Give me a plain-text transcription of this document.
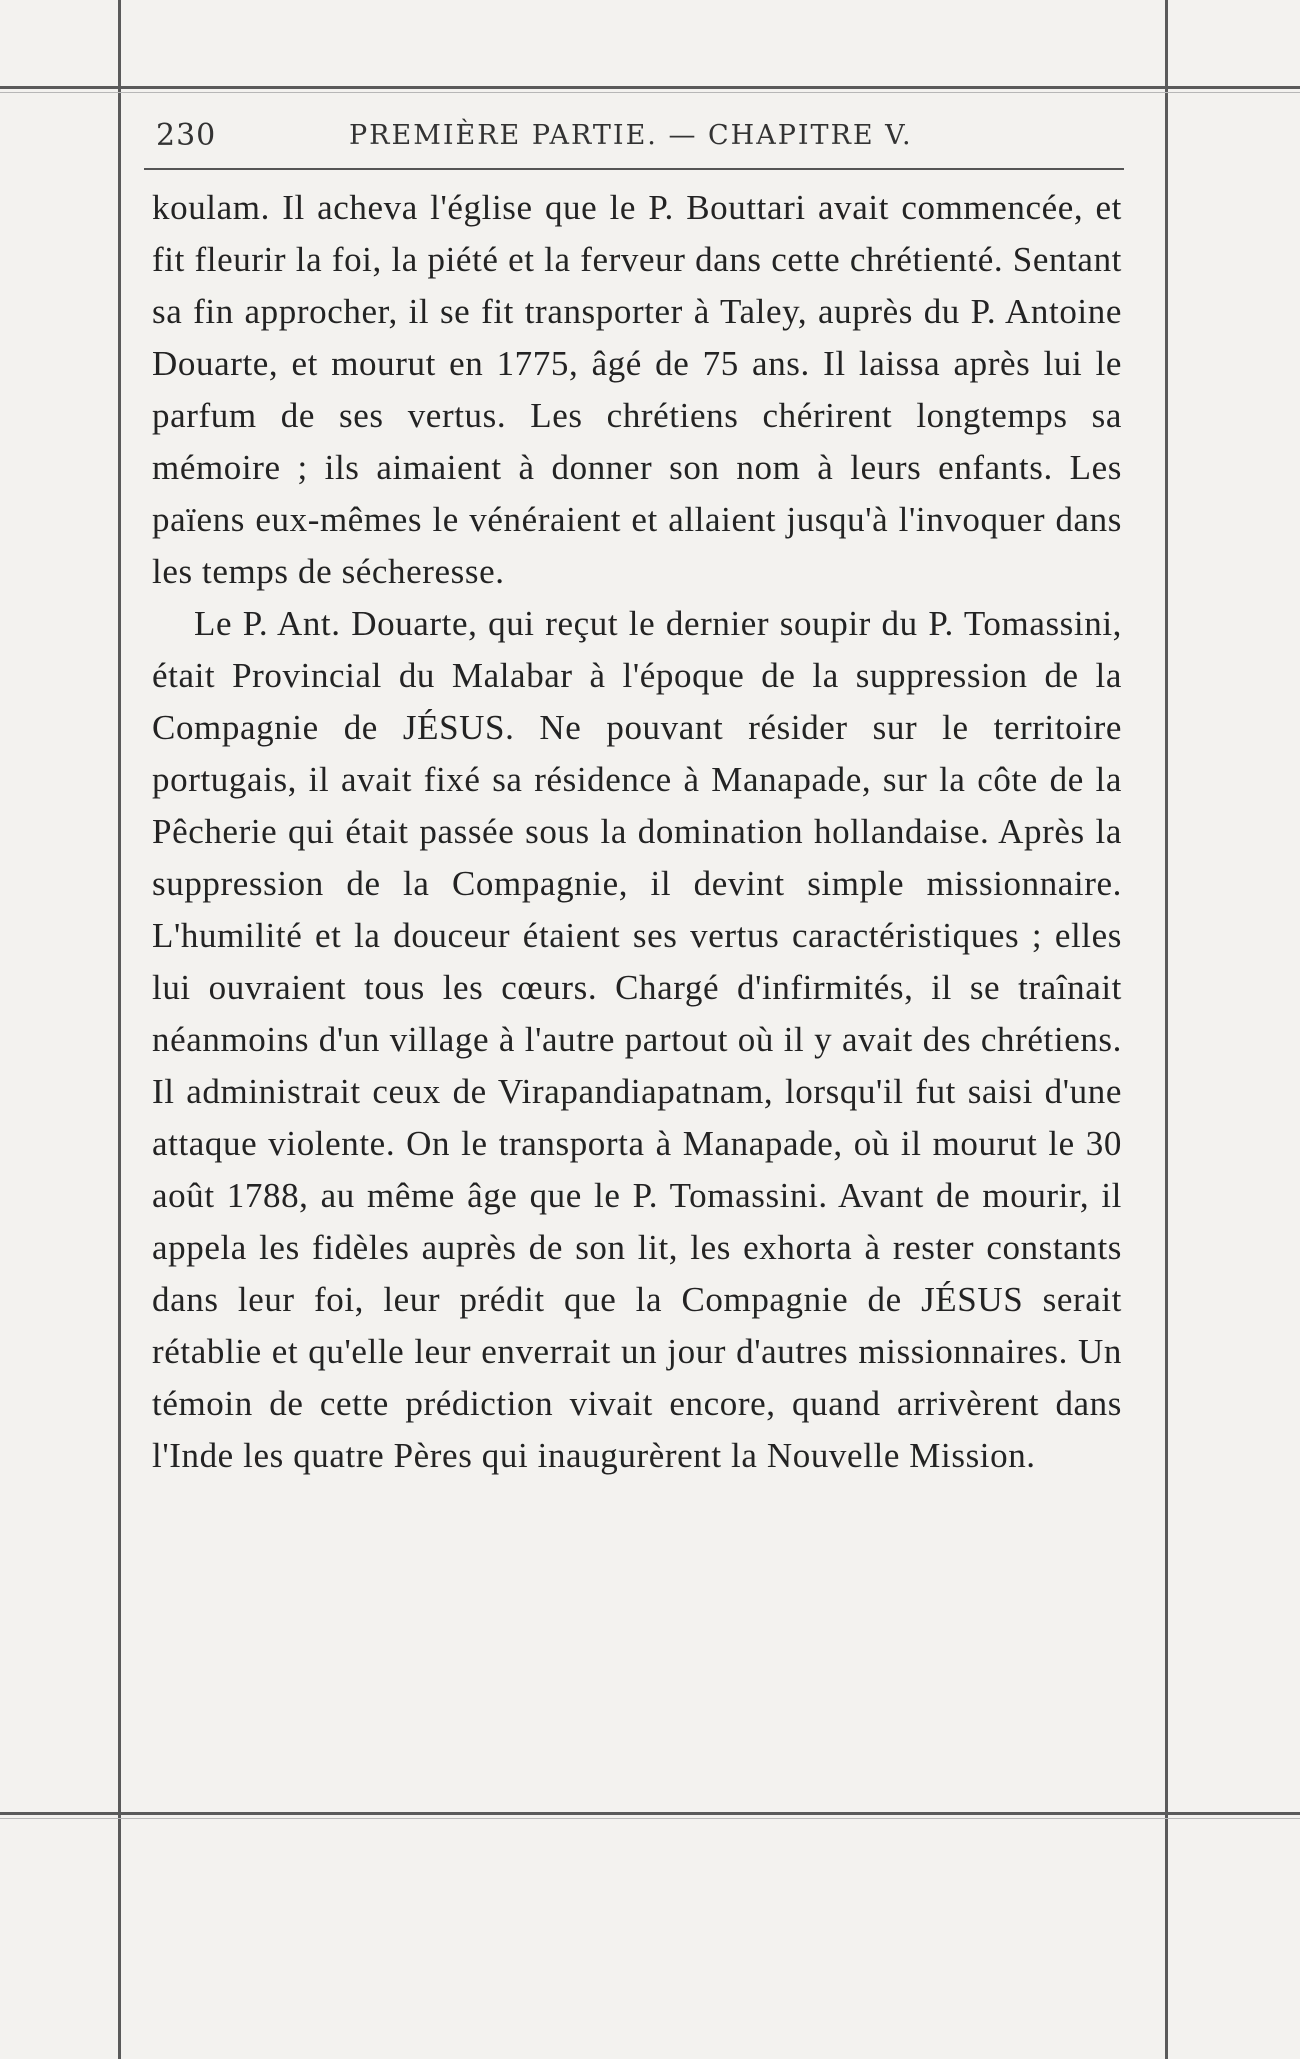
230	PREMIÈRE PARTIE. — CHAPITRE V.

koulam. Il acheva l'église que le P. Bouttari avait commencée, et fit fleurir la foi, la piété et la ferveur dans cette chrétienté. Sentant sa fin approcher, il se fit transporter à Taley, auprès du P. Antoine Douarte, et mourut en 1775, âgé de 75 ans. Il laissa après lui le parfum de ses vertus. Les chrétiens chérirent longtemps sa mémoire ; ils aimaient à donner son nom à leurs enfants. Les païens eux-mêmes le vénéraient et allaient jusqu'à l'invoquer dans les temps de sécheresse.

Le P. Ant. Douarte, qui reçut le dernier soupir du P. Tomassini, était Provincial du Malabar à l'époque de la suppression de la Compagnie de JÉSUS. Ne pouvant résider sur le territoire portugais, il avait fixé sa résidence à Manapade, sur la côte de la Pêcherie qui était passée sous la domination hollandaise. Après la suppression de la Compagnie, il devint simple missionnaire. L'humilité et la douceur étaient ses vertus caractéristiques ; elles lui ouvraient tous les cœurs. Chargé d'infirmités, il se traînait néanmoins d'un village à l'autre partout où il y avait des chrétiens. Il administrait ceux de Virapandiapatnam, lorsqu'il fut saisi d'une attaque violente. On le transporta à Manapade, où il mourut le 30 août 1788, au même âge que le P. Tomassini. Avant de mourir, il appela les fidèles auprès de son lit, les exhorta à rester constants dans leur foi, leur prédit que la Compagnie de JÉSUS serait rétablie et qu'elle leur enverrait un jour d'autres missionnaires. Un témoin de cette prédiction vivait encore, quand arrivèrent dans l'Inde les quatre Pères qui inaugurèrent la Nouvelle Mission.
